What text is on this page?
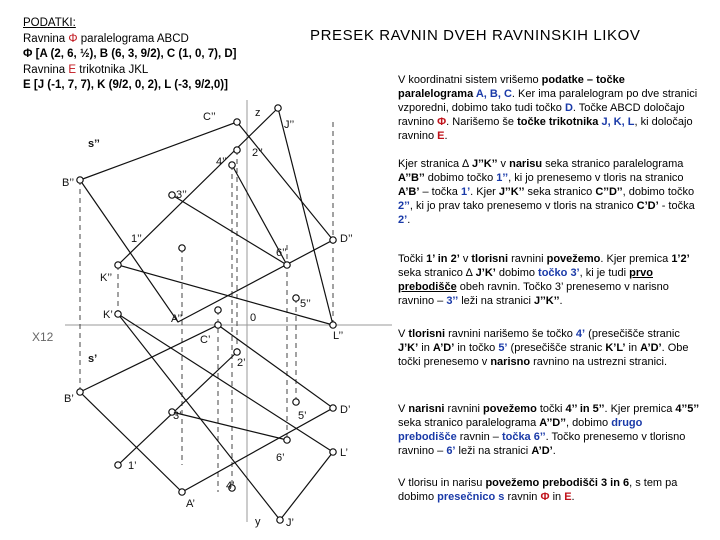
z
y
X12
s’’
s’
C’’
J’’
4’’
2’’
B’’
3’’
1’’	D’’
6’’
K’’
K’	A’’	0
5’’
C’	L’’
2’
B’
D’
3’	5’
6’	L’
1’
4’
A’
J’
PODATKI:
Ravnina Φ paralelograma ABCD
Φ [A (2, 6, ½), B (6, 3, 9/2), C (1, 0, 7), D]
Ravnina E trikotnika JKL
E [J (-1, 7, 7), K (9/2, 0, 2), L (-3, 9/2,0)]
PRESEK RAVNIN DVEH RAVNINSKIH LIKOV
V koordinatni sistem vrišemo podatke – točke paralelograma A, B, C. Ker ima paralelogram po dve stranici vzporedni, dobimo tako tudi točko D. Točke ABCD določajo ravnino Φ. Narišemo še točke trikotnika J, K, L, ki določajo ravnino E.
Kjer stranica ∆ J’’K’’ v narisu seka stranico paralelograma A’’B’’ dobimo točko 1’’, ki jo prenesemo v tloris na stranico A’B’ – točka 1’. Kjer J’’K’’ seka stranico C’’D’’, dobimo točko 2’’, ki jo prav tako prenesemo v tloris na stranico C’D’ - točka 2’.
Točki 1’ in 2’ v tlorisni ravnini povežemo. Kjer premica 1’2’ seka stranico ∆ J’K’ dobimo točko 3’, ki je tudi prvo prebodišče obeh ravnin. Točko 3’ prenesemo v narisno ravnino – 3’’ leži na stranici J’’K’’.
V tlorisni ravnini narišemo še točko 4’ (presečišče stranic J’K’ in A’D’ in točko 5’ (presečišče stranic K’L’ in A’D’. Obe točki prenesemo v narisno ravnino na ustrezni stranici.
V narisni ravnini povežemo točki 4’’ in 5’’. Kjer premica 4’’5’’ seka stranico paralelograma A’’D’’, dobimo drugo prebodišče ravnin – točka 6’’. Točko prenesemo v tlorisno ravnino – 6’ leži na stranici A’D’.
V tlorisu in narisu povežemo prebodišči 3 in 6, s tem pa dobimo presečnico s ravnin Φ in E.
